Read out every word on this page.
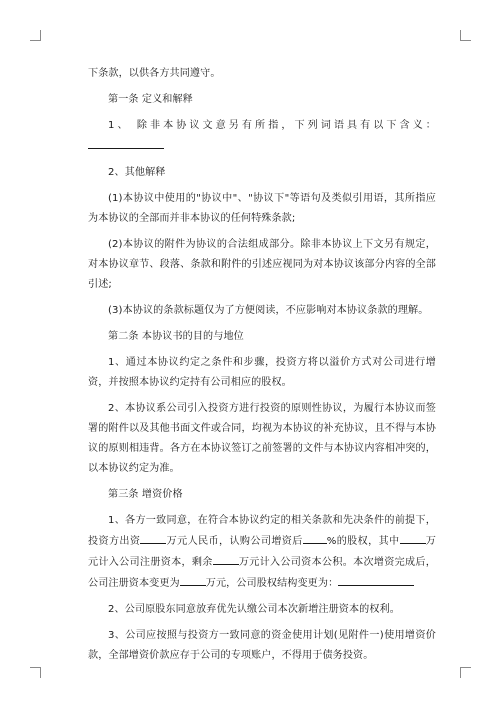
下条款，以供各方共同遵守。

第一条 定义和解释

1、 除非本协议文意另有所指，下列词语具有以下含义：

2、其他解释

(1)本协议中使用的"协议中"、"协议下"等语句及类似引用语，其所指应为本协议的全部而并非本协议的任何特殊条款;

(2)本协议的附件为协议的合法组成部分。除非本协议上下文另有规定，对本协议章节、段落、条款和附件的引述应视同为对本协议该部分内容的全部引述;

(3)本协议的条款标题仅为了方便阅读，不应影响对本协议条款的理解。

第二条 本协议书的目的与地位

1、通过本协议约定之条件和步骤，投资方将以溢价方式对公司进行增资，并按照本协议约定持有公司相应的股权。

2、本协议系公司引入投资方进行投资的原则性协议，为履行本协议而签署的附件以及其他书面文件或合同，均视为本协议的补充协议，且不得与本协议的原则相违背。各方在本协议签订之前签署的文件与本协议内容相冲突的，以本协议约定为准。

第三条 增资价格

1、各方一致同意，在符合本协议约定的相关条款和先决条件的前提下，投资方出资	万元人民币，认购公司增资后 %的股权，其中	万元计入公司注册资本，剩余	万元计入公司资本公积。本次增资完成后，公司注册资本变更为	万元，公司股权结构变更为：

2、公司原股东同意放弃优先认缴公司本次新增注册资本的权利。

3、公司应按照与投资方一致同意的资金使用计划(见附件一)使用增资价款，全部增资价款应存于公司的专项账户，不得用于债务投资。
